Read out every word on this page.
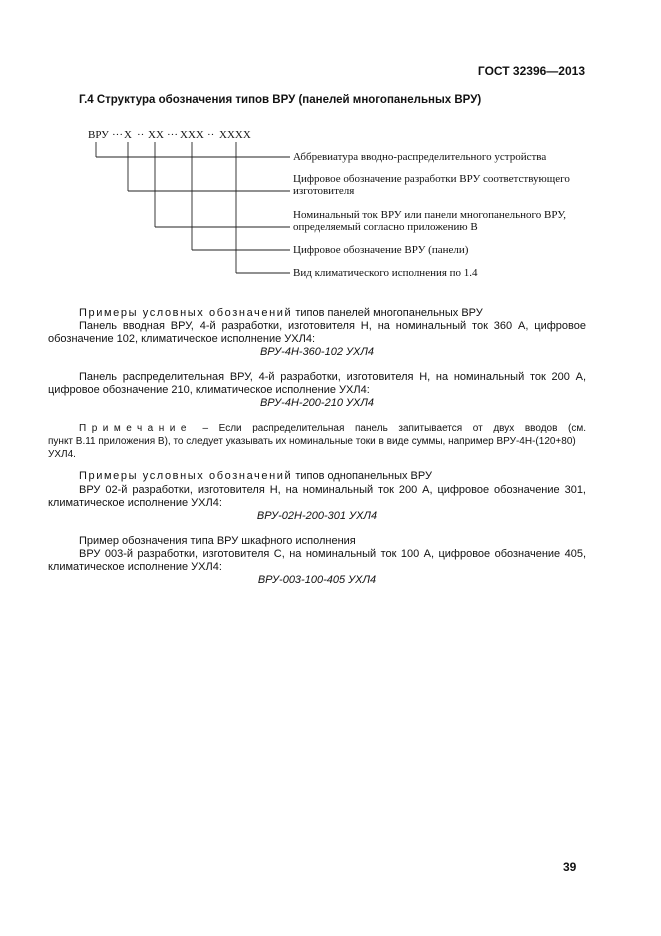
ГОСТ 32396—2013
Г.4 Структура обозначения типов ВРУ (панелей многопанельных ВРУ)
ВРУ ··· Х ·· ХХ ··· ХХХ ·· ХХХХ
Аббревиатура вводно-распределительного устройства
Цифровое обозначение разработки ВРУ соответствующего
изготовителя
Номинальный ток ВРУ или панели многопанельного ВРУ,
определяемый согласно приложению В
Цифровое обозначение ВРУ (панели)
Вид климатического исполнения по 1.4
Примеры условных обозначений типов панелей многопанельных ВРУ
Панель вводная ВРУ, 4-й разработки, изготовителя Н, на номинальный ток 360 А, цифровое
обозначение 102, климатическое исполнение УХЛ4:
ВРУ-4Н-360-102 УХЛ4
Панель распределительная ВРУ, 4-й разработки, изготовителя Н, на номинальный ток 200 А,
цифровое обозначение 210, климатическое исполнение УХЛ4:
ВРУ-4Н-200-210 УХЛ4
Примечание – Если распределительная панель запитывается от двух вводов (см.
пункт В.11 приложения В), то следует указывать их номинальные токи в виде суммы, например ВРУ-4Н-(120+80)
УХЛ4.
Примеры условных обозначений типов однопанельных ВРУ
ВРУ 02-й разработки, изготовителя Н, на номинальный ток 200 А, цифровое обозначение 301,
климатическое исполнение УХЛ4:
ВРУ-02Н-200-301 УХЛ4
Пример обозначения типа ВРУ шкафного исполнения
ВРУ 003-й разработки, изготовителя С, на номинальный ток 100 А, цифровое обозначение 405,
климатическое исполнение УХЛ4:
ВРУ-003-100-405 УХЛ4
39
